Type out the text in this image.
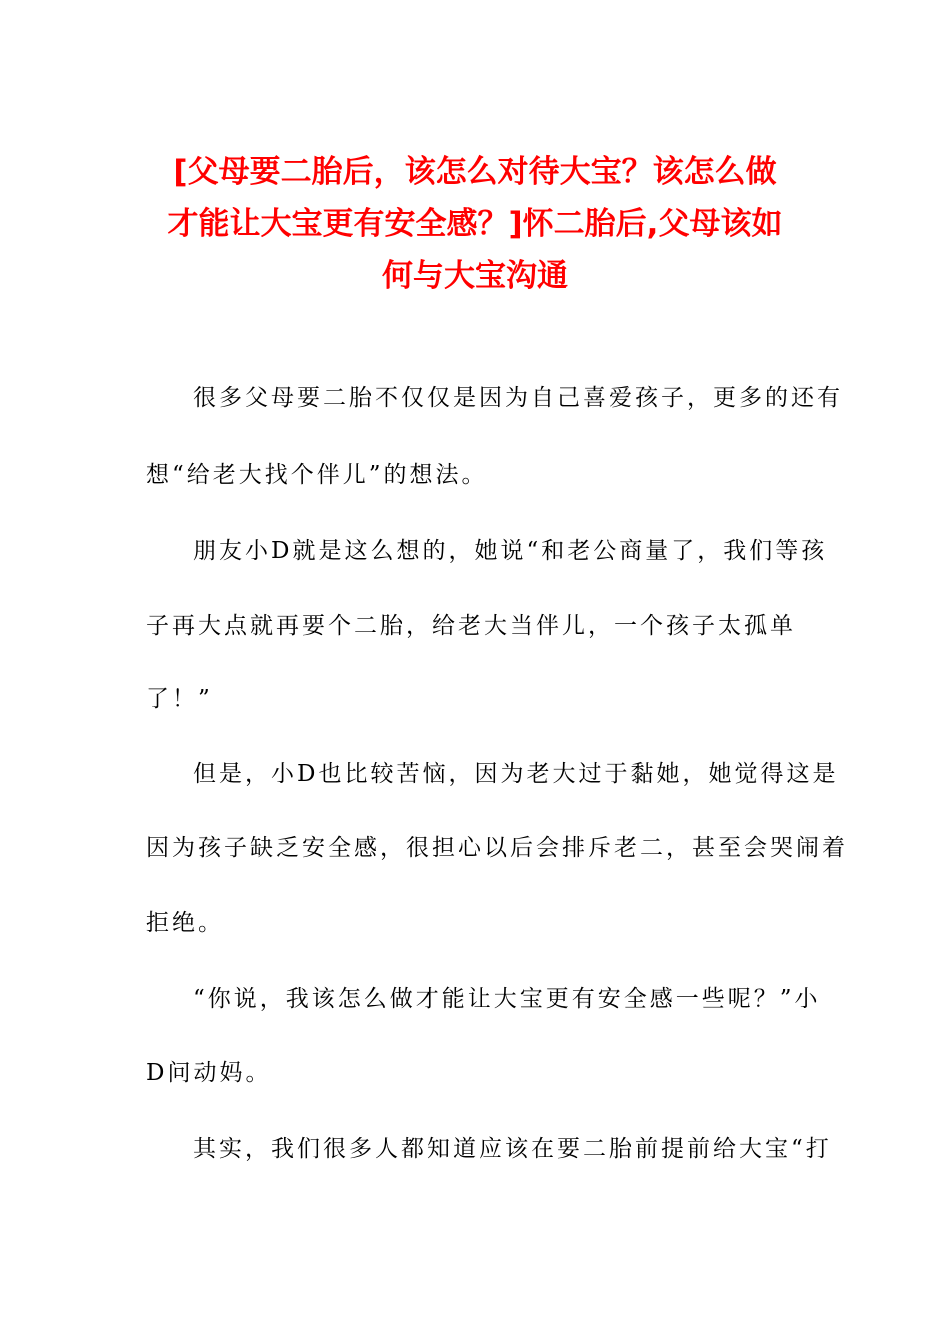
[父母要二胎后，该怎么对待大宝？该怎么做
才能让大宝更有安全感？]怀二胎后,父母该如
何与大宝沟通
很多父母要二胎不仅仅是因为自己喜爱孩子，更多的还有
想“给老大找个伴儿”的想法。
朋友小D就是这么想的，她说“和老公商量了，我们等孩
子再大点就再要个二胎，给老大当伴儿，一个孩子太孤单
了！”
但是，小D也比较苦恼，因为老大过于黏她，她觉得这是
因为孩子缺乏安全感，很担心以后会排斥老二，甚至会哭闹着
拒绝。
“你说，我该怎么做才能让大宝更有安全感一些呢？”小
D问动妈。
其实，我们很多人都知道应该在要二胎前提前给大宝“打
